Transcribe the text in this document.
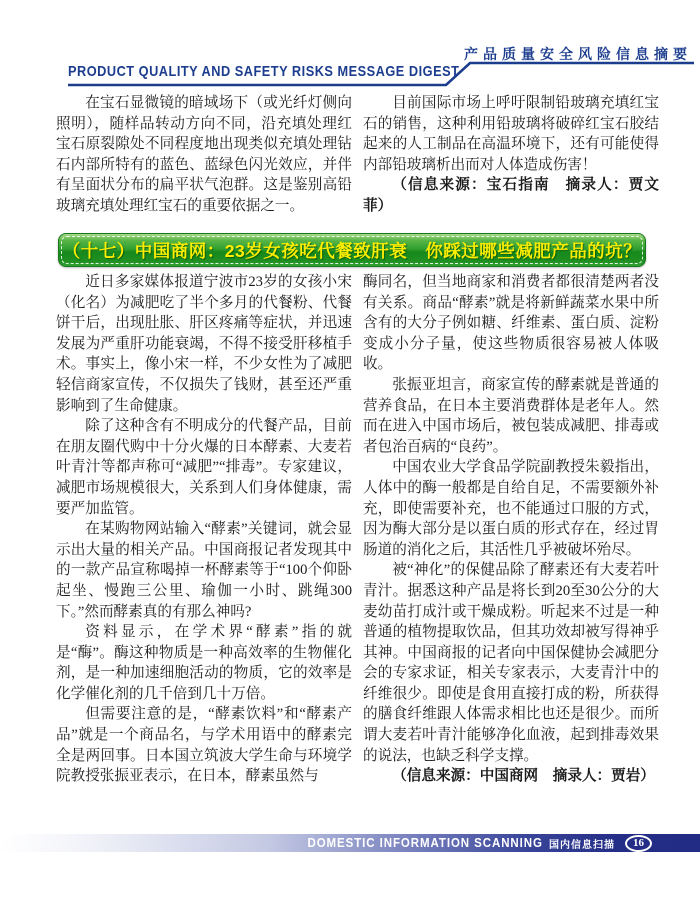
产品质量安全风险信息摘要
PRODUCT QUALITY AND SAFETY RISKS MESSAGE DIGEST

在宝石显微镜的暗域场下（或光纤灯侧向照明），随样品转动方向不同，沿充填处理红宝石原裂隙处不同程度地出现类似充填处理钻石内部所特有的蓝色、蓝绿色闪光效应，并伴有呈面状分布的扁平状气泡群。这是鉴别高铅玻璃充填处理红宝石的重要依据之一。

目前国际市场上呼吁限制铅玻璃充填红宝石的销售，这种利用铅玻璃将破碎红宝石胶结起来的人工制品在高温环境下，还有可能使得内部铅玻璃析出而对人体造成伤害！

（信息来源：宝石指南　摘录人：贾文菲）

（十七）中国商网：23岁女孩吃代餐致肝衰　你踩过哪些减肥产品的坑？

近日多家媒体报道宁波市23岁的女孩小宋（化名）为减肥吃了半个多月的代餐粉、代餐饼干后，出现肚胀、肝区疼痛等症状，并迅速发展为严重肝功能衰竭，不得不接受肝移植手术。事实上，像小宋一样，不少女性为了减肥轻信商家宣传，不仅损失了钱财，甚至还严重影响到了生命健康。

除了这种含有不明成分的代餐产品，目前在朋友圈代购中十分火爆的日本酵素、大麦若叶青汁等都声称可“减肥”“排毒”。专家建议，减肥市场规模很大，关系到人们身体健康，需要严加监管。

在某购物网站输入“酵素”关键词，就会显示出大量的相关产品。中国商报记者发现其中的一款产品宣称喝掉一杯酵素等于“100个仰卧起坐、慢跑三公里、瑜伽一小时、跳绳300下。”然而酵素真的有那么神吗?

资料显示，在学术界“酵素”指的就是“酶”。酶这种物质是一种高效率的生物催化剂，是一种加速细胞活动的物质，它的效率是化学催化剂的几千倍到几十万倍。

但需要注意的是，“酵素饮料”和“酵素产品”就是一个商品名，与学术用语中的酵素完全是两回事。日本国立筑波大学生命与环境学院教授张振亚表示，在日本，酵素虽然与

酶同名，但当地商家和消费者都很清楚两者没有关系。商品“酵素”就是将新鲜蔬菜水果中所含有的大分子例如糖、纤维素、蛋白质、淀粉变成小分子量，使这些物质很容易被人体吸收。

张振亚坦言，商家宣传的酵素就是普通的营养食品，在日本主要消费群体是老年人。然而在进入中国市场后，被包装成减肥、排毒或者包治百病的“良药”。

中国农业大学食品学院副教授朱毅指出，人体中的酶一般都是自给自足，不需要额外补充，即使需要补充，也不能通过口服的方式，因为酶大部分是以蛋白质的形式存在，经过胃肠道的消化之后，其活性几乎被破坏殆尽。

被“神化”的保健品除了酵素还有大麦若叶青汁。据悉这种产品是将长到20至30公分的大麦幼苗打成汁或干燥成粉。听起来不过是一种普通的植物提取饮品，但其功效却被写得神乎其神。中国商报的记者向中国保健协会减肥分会的专家求证，相关专家表示，大麦青汁中的纤维很少。即使是食用直接打成的粉，所获得的膳食纤维跟人体需求相比也还是很少。而所谓大麦若叶青汁能够净化血液，起到排毒效果的说法，也缺乏科学支撑。

（信息来源：中国商网　摘录人：贾岩）

DOMESTIC INFORMATION SCANNING 国内信息扫描	16
